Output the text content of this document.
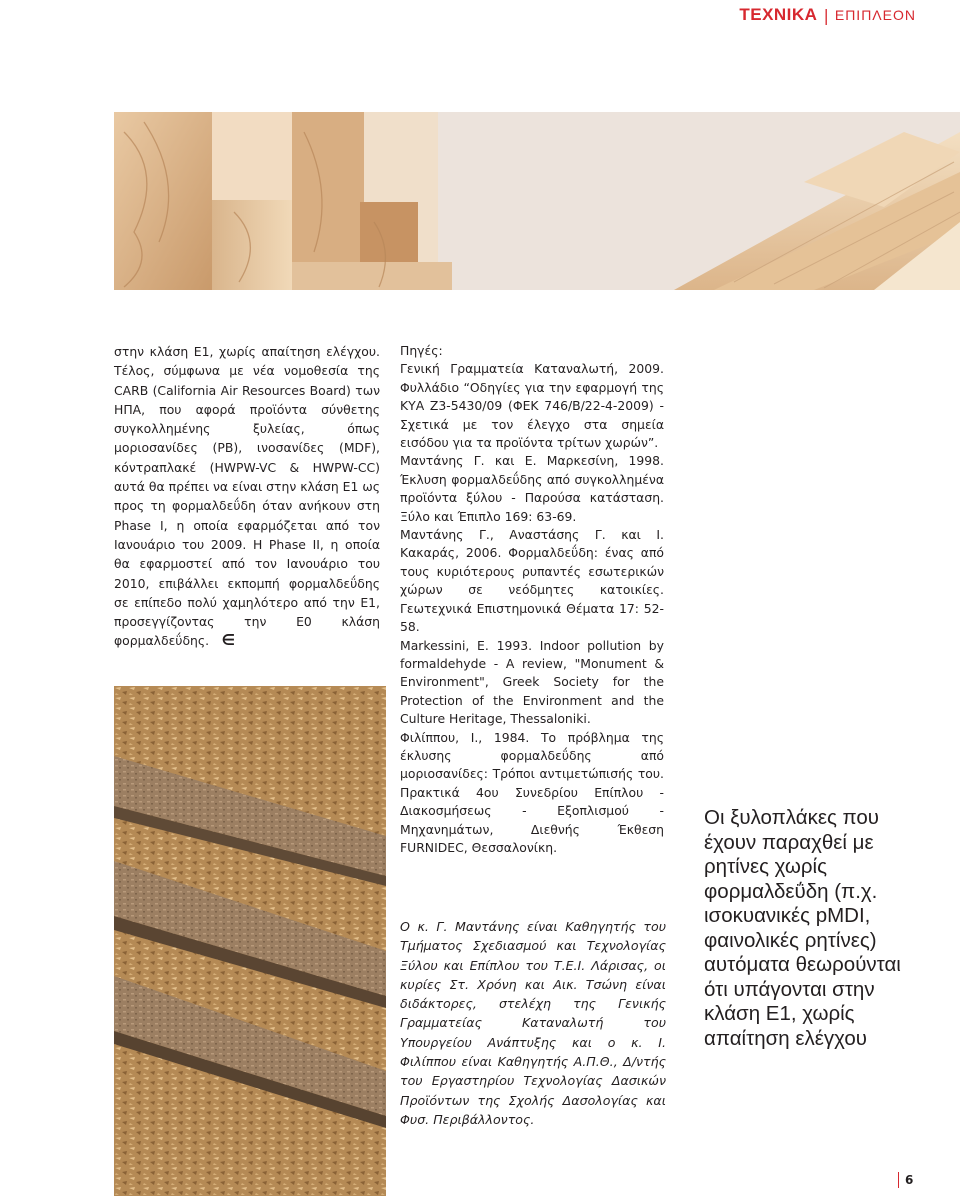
ΤΕΧΝΙΚΑ | ΕΠΙΠΛΕΟΝ

στην κλάση Ε1, χωρίς απαίτηση ελέγχου. Τέλος, σύμφωνα με νέα νομοθεσία της CARB (California Air Resources Board) των ΗΠΑ, που αφορά προϊόντα σύνθετης συγκολλημένης ξυλείας, όπως μοριοσανίδες (PB), ινοσανίδες (MDF), κόντραπλακέ (HWPW-VC & HWPW-CC) αυτά θα πρέπει να είναι στην κλάση Ε1 ως προς τη φορμαλδεΰδη όταν ανήκουν στη Phase I, η οποία εφαρμόζεται από τον Ιανουάριο του 2009. Η Phase II, η οποία θα εφαρμοστεί από τον Ιανουάριο του 2010, επιβάλλει εκπομπή φορμαλδεΰδης σε επίπεδο πολύ χαμηλότερο από την Ε1, προσεγγίζοντας την Ε0 κλάση φορμαλδεΰδης. ∈

Πηγές:

Γενική Γραμματεία Καταναλωτή, 2009. Φυλλάδιο “Οδηγίες για την εφαρμογή της ΚΥΑ Ζ3-5430/09 (ΦΕΚ 746/Β/22-4-2009) - Σχετικά με τον έλεγχο στα σημεία εισόδου για τα προϊόντα τρίτων χωρών”.

Μαντάνης Γ. και Ε. Μαρκεσίνη, 1998. Έκλυση φορμαλδεΰδης από συγκολλημένα προϊόντα ξύλου - Παρούσα κατάσταση. Ξύλο και Έπιπλο 169: 63-69.

Μαντάνης Γ., Αναστάσης Γ. και Ι. Κακαράς, 2006. Φορμαλδεΰδη: ένας από τους κυριότερους ρυπαντές εσωτερικών χώρων σε νεόδμητες κατοικίες. Γεωτεχνικά Επιστημονικά Θέματα 17: 52-58.

Markessini, E. 1993. Indoor pollution by formaldehyde - A review, "Monument & Environment", Greek Society for the Protection of the Environment and the Culture Heritage, Thessaloniki.

Φιλίππου, Ι., 1984. Το πρόβλημα της έκλυσης φορμαλδεΰδης από μοριοσανίδες: Τρόποι αντιμετώπισής του. Πρακτικά 4ου Συνεδρίου Επίπλου - Διακοσμήσεως - Εξοπλισμού - Μηχανημάτων, Διεθνής Έκθεση FURNIDEC, Θεσσαλονίκη.

Ο κ. Γ. Μαντάνης είναι Καθηγητής του Τμήματος Σχεδιασμού και Τεχνολογίας Ξύλου και Επίπλου του Τ.Ε.Ι. Λάρισας, οι κυρίες Στ. Χρόνη και Αικ. Τσώνη είναι διδάκτορες, στελέχη της Γενικής Γραμματείας Καταναλωτή του Υπουργείου Ανάπτυξης και ο κ. Ι. Φιλίππου είναι Καθηγητής Α.Π.Θ., Δ/ντής του Εργαστηρίου Τεχνολογίας Δασικών Προϊόντων της Σχολής Δασολογίας και Φυσ. Περιβάλλοντος.
Οι ξυλοπλάκες που έχουν παραχθεί με ρητίνες χωρίς φορμαλδεΰδη (π.χ. ισοκυανικές pMDI, φαινολικές ρητίνες) αυτόματα θεωρούνται ότι υπάγονται στην κλάση Ε1, χωρίς απαίτηση ελέγχου
6
